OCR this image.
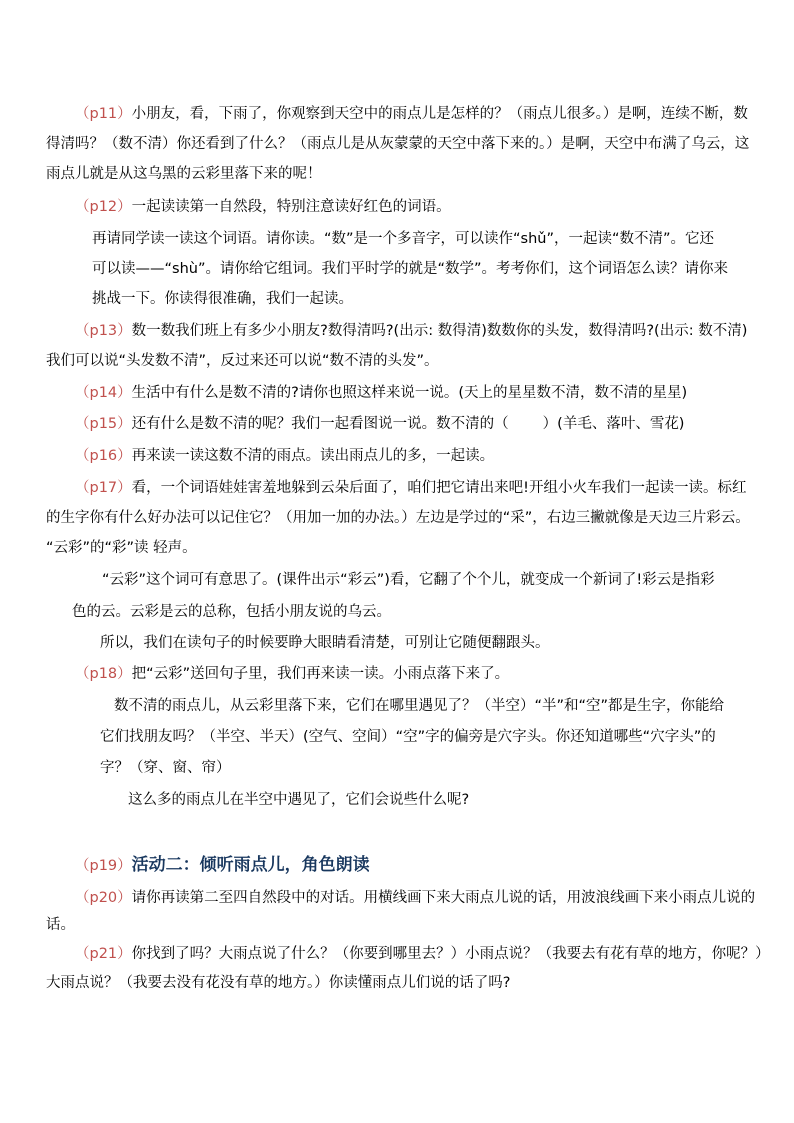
（p11）小朋友，看，下雨了，你观察到天空中的雨点儿是怎样的？（雨点儿很多。）是啊，连续不断，数
得清吗？（数不清）你还看到了什么？（雨点儿是从灰蒙蒙的天空中落下来的。）是啊，天空中布满了乌云，这
雨点儿就是从这乌黑的云彩里落下来的呢！
（p12）一起读读第一自然段，特别注意读好红色的词语。
再请同学读一读这个词语。请你读。“数”是一个多音字，可以读作“shǔ”，一起读“数不清”。它还
可以读——“shù”。请你给它组词。我们平时学的就是“数学”。考考你们，这个词语怎么读？请你来
挑战一下。你读得很准确，我们一起读。
（p13）数一数我们班上有多少小朋友?数得清吗?(出示: 数得清)数数你的头发，数得清吗?(出示: 数不清)
我们可以说“头发数不清”，反过来还可以说“数不清的头发”。
（p14）生活中有什么是数不清的?请你也照这样来说一说。(天上的星星数不清，数不清的星星)
（p15）还有什么是数不清的呢？我们一起看图说一说。数不清的（ ）(羊毛、落叶、雪花)
（p16）再来读一读这数不清的雨点。读出雨点儿的多，一起读。
（p17）看，一个词语娃娃害羞地躲到云朵后面了，咱们把它请出来吧!开组小火车我们一起读一读。标红
的生字你有什么好办法可以记住它？（用加一加的办法。）左边是学过的“采”，右边三撇就像是天边三片彩云。
“云彩”的“彩”读 轻声。
“云彩”这个词可有意思了。(课件出示“彩云”)看，它翻了个个儿，就变成一个新词了!彩云是指彩
色的云。云彩是云的总称，包括小朋友说的乌云。
所以，我们在读句子的时候要睁大眼睛看清楚，可别让它随便翻跟头。
（p18）把“云彩”送回句子里，我们再来读一读。小雨点落下来了。
数不清的雨点儿，从云彩里落下来，它们在哪里遇见了？（半空）“半”和“空”都是生字，你能给
它们找朋友吗？（半空、半天）(空气、空间）“空”字的偏旁是穴字头。你还知道哪些“穴字头”的
字？（穿、窗、帘）
这么多的雨点儿在半空中遇见了，它们会说些什么呢?
（p19）活动二：倾听雨点儿，角色朗读
（p20）请你再读第二至四自然段中的对话。用横线画下来大雨点儿说的话，用波浪线画下来小雨点儿说的
话。
（p21）你找到了吗？大雨点说了什么？（你要到哪里去？）小雨点说？（我要去有花有草的地方，你呢？）
大雨点说？（我要去没有花没有草的地方。）你读懂雨点儿们说的话了吗?
